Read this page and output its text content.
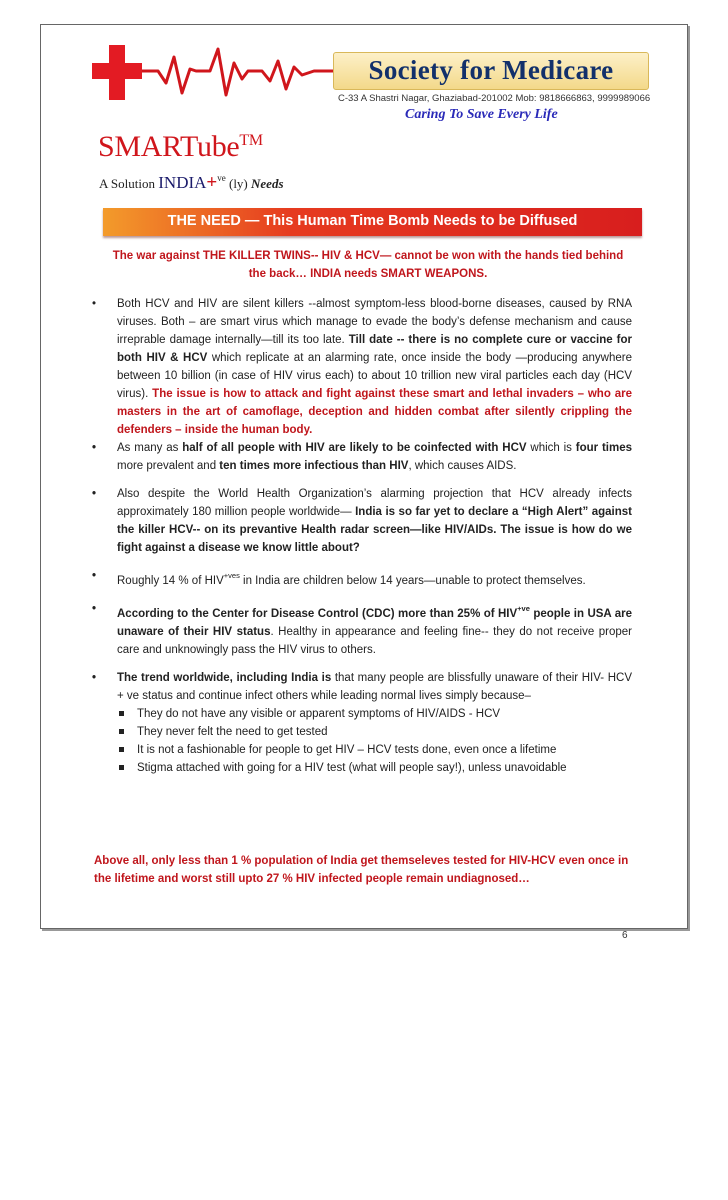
Society for Medicare
C-33 A Shastri Nagar, Ghaziabad-201002 Mob: 9818666863, 9999989066
Caring To Save Every Life
SMARTube™
A Solution INDIA+$^{ve}$ (ly) Needs
THE NEED — This Human Time Bomb Needs to be Diffused
The war against THE KILLER TWINS-- HIV & HCV— cannot be won with the hands tied behind the back… INDIA needs SMART WEAPONS.
• Both HCV and HIV are silent killers --almost symptom-less blood-borne diseases, caused by RNA viruses. Both – are smart virus which manage to evade the body’s defense mechanism and cause irreprable damage internally—till its too late. Till date -- there is no complete cure or vaccine for both HIV & HCV which replicate at an alarming rate, once inside the body —producing anywhere between 10 billion (in case of HIV virus each) to about 10 trillion new viral particles each day (HCV virus). The issue is how to attack and fight against these smart and lethal invaders – who are masters in the art of camoflage, deception and hidden combat after silently crippling the defenders – inside the human body.
• As many as half of all people with HIV are likely to be coinfected with HCV which is four times more prevalent and ten times more infectious than HIV, which causes AIDS.
• Also despite the World Health Organization’s alarming projection that HCV already infects approximately 180 million people worldwide— India is so far yet to declare a “High Alert” against the killer HCV-- on its prevantive Health radar screen—like HIV/AIDs. The issue is how do we fight against a disease we know little about?
• Roughly 14 % of $HIV^{+ves}$ in India are children below 14 years—unable to protect themselves.
• According to the Center for Disease Control (CDC) more than 25% of $HIV^{+ve}$ people in USA are unaware of their HIV status. Healthy in appearance and feeling fine-- they do not receive proper care and unknowingly pass the HIV virus to others.
• The trend worldwide, including India is that many people are blissfully unaware of their HIV- HCV + ve status and continue infect others while leading normal lives simply because–
They do not have any visible or apparent symptoms of HIV/AIDS - HCV
They never felt the need to get tested
It is not a fashionable for people to get HIV – HCV tests done, even once a lifetime
Stigma attached with going for a HIV test (what will people say!), unless unavoidable
Above all, only less than 1 % population of India get themseleves tested for HIV-HCV even once in the lifetime and worst still upto 27 % HIV infected people remain undiagnosed…
6
